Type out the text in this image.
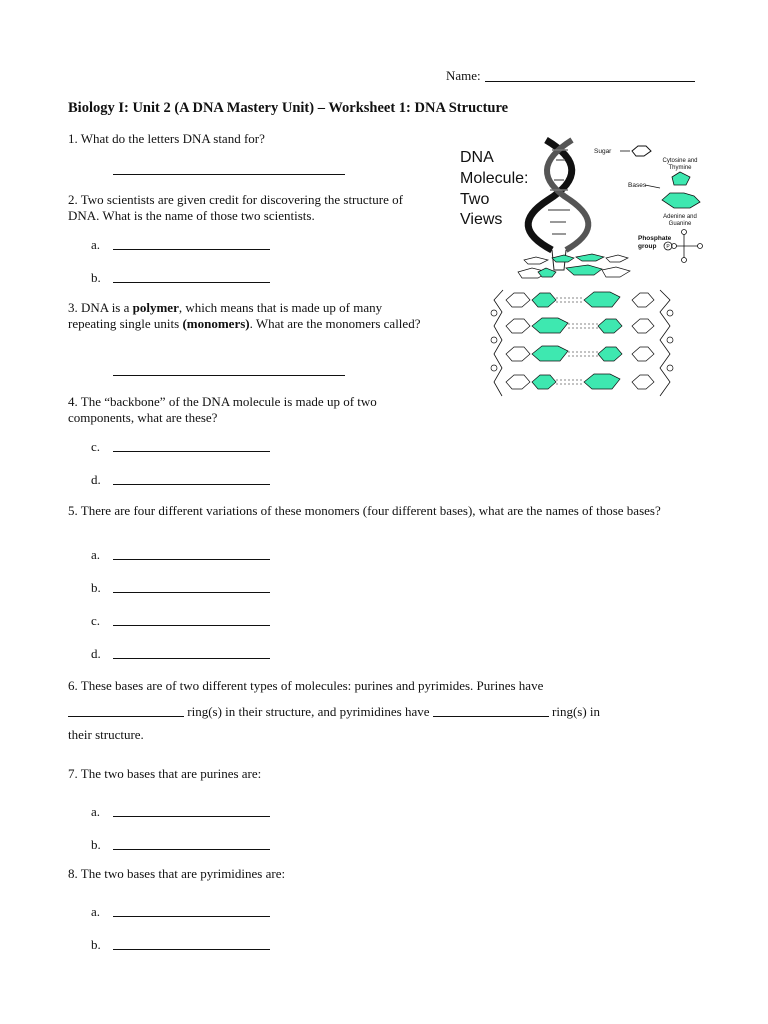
Name:
Biology I: Unit 2 (A DNA Mastery Unit) – Worksheet 1: DNA Structure
1. What do the letters DNA stand for?
2. Two scientists are given credit for discovering the structure of DNA. What is the name of those two scientists.
a.
b.
3. DNA is a polymer, which means that is made up of many repeating single units (monomers). What are the monomers called?
4. The “backbone” of the DNA molecule is made up of two components, what are these?
c.
d.
5. There are four different variations of these monomers (four different bases), what are the names of those bases?
a.
b.
c.
d.
6. These bases are of two different types of molecules: purines and pyrimides. Purines have
ring(s) in their structure, and pyrimidines have	ring(s) in
their structure.
7. The two bases that are purines are:
a.
b.
8. The two bases that are pyrimidines are:
a.
b.
DNA
Molecule:
Two
Views
Sugar
Cytosine and
Thymine
Bases
Adenine and
Guanine
Phosphate
group P
